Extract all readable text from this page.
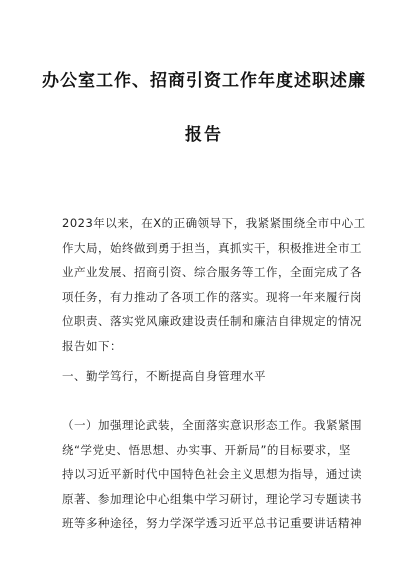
办公室工作、招商引资工作年度述职述廉
报告
2023年以来，在X的正确领导下，我紧紧围绕全市中心工
作大局，始终做到勇于担当，真抓实干，积极推进全市工
业产业发展、招商引资、综合服务等工作，全面完成了各
项任务，有力推动了各项工作的落实。现将一年来履行岗
位职责、落实党风廉政建设责任制和廉洁自律规定的情况
报告如下：
一、勤学笃行，不断提高自身管理水平
（一）加强理论武装，全面落实意识形态工作。我紧紧围
绕“学党史、悟思想、办实事、开新局”的目标要求，坚
持以习近平新时代中国特色社会主义思想为指导，通过读
原著、参加理论中心组集中学习研讨，理论学习专题读书
班等多种途径，努力学深学透习近平总书记重要讲话精神
